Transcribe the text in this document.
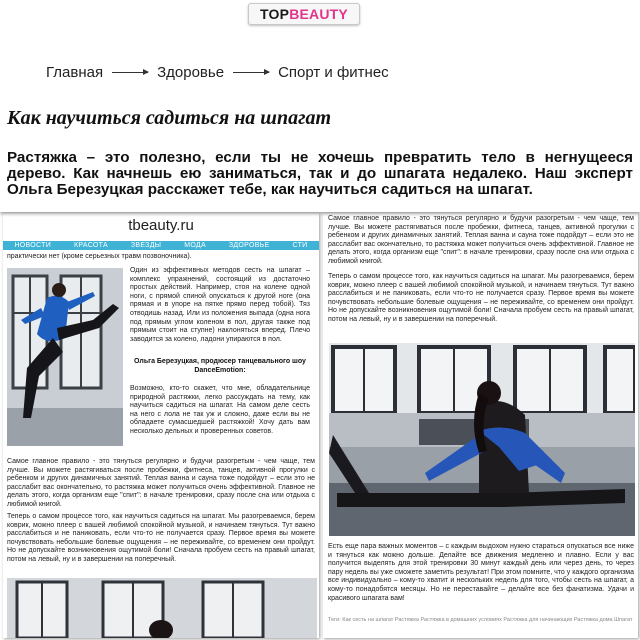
TOP BEAUTY
Главная	Здоровье	Спорт и фитнес
Как научиться садиться на шпагат
Растяжка – это полезно, если ты не хочешь превратить тело в негнущееся дерево. Как начнешь ею заниматься, так и до шпагата недалеко. Наш эксперт Ольга Березуцкая расскажет тебе, как научиться садиться на шпагат.
tbeauty.ru
НОВОСТИ	КРАСОТА	ЗВЕЗДЫ	МОДА	ЗДОРОВЬЕ	СТИ
практически нет (кроме серьезных травм позвоночника).
Один из эффективных методов сесть на шпагат – комплекс упражнений, состоящий из достаточно простых действий. Например, стоя на колене одной ноги, с прямой спиной опускаться к другой ноге (она прямая и в упоре на пятке прямо перед тобой). Тяз отводишь назад. Или из положения выпада (одна нога под прямым углом коленом в пол, другая также под прямым стоит на ступне) наклоняться вперед. Плечо заводится за колено, ладони упираются в пол.
Ольга Березуцкая, продюсер танцевального шоу DanceEmotion:
Возможно, кто-то скажет, что мне, обладательнице природной растяжки, легко рассуждать на тему, как научиться садиться на шпагат. На самом деле сесть на него с лола не так уж и сложно, даже если вы не обладаете сумасшедшей растяжкой! Хочу дать вам несколько дельных и проверенных советов.
Самое главное правило - это тянуться регулярно и будучи разогретым - чем чаще, тем лучше. Вы можете растягиваться после пробежки, фитнеса, танцев, активной прогулки с ребенком и других динамичных занятий. Теплая ванна и сауна тоже подойдут – если это не расслабит вас окончательно, то растяжка может получиться очень эффективной. Главное не делать этого, когда организм еще "спит": в начале тренировки, сразу после сна или отдыха с любимой книгой.
Теперь о самом процессе того, как научиться садиться на шпагат. Мы разогреваемся, берем коврик, можно плеер с вашей любимой спокойной музыкой, и начинаем тянуться. Тут важно расслабиться и не паниковать, если что-то не получается сразу. Первое время вы можете почувствовать небольшие болевые ощущения – не переживайте, со временем они пройдут. Но не допускайте возникновения ощутимой боли! Сначала пробуем сесть на правый шпагат, потом на левый, ну и в завершении на поперечный.
Самое главное правило - это тянуться регулярно и будучи разогретым - чем чаще, тем лучше. Вы можете растягиваться после пробежки, фитнеса, танцев, активной прогулки с ребенком и других динамичных занятий. Теплая ванна и сауна тоже подойдут – если это не расслабит вас окончательно, то растяжка может получиться очень эффективной. Главное не делать этого, когда организм еще "спит": в начале тренировки, сразу после сна или отдыха с любимой книгой.
Теперь о самом процессе того, как научиться садиться на шпагат. Мы разогреваемся, берем коврик, можно плеер с вашей любимой спокойной музыкой, и начинаем тянуться. Тут важно расслабиться и не паниковать, если что-то не получается сразу. Первое время вы можете почувствовать небольшие болевые ощущения – не переживайте, со временем они пройдут. Но не допускайте возникновения ощутимой боли! Сначала пробуем сесть на правый шпагат, потом на левый, ну и в завершении на поперечный.
Есть еще пара важных моментов – с каждым выдохом нужно стараться опускаться все ниже и тянуться как можно дольше. Делайте все движения медленно и плавно. Если у вас получится выделять для этой тренировки 30 минут каждый день или через день, то через пару недель вы уже сможете заметить результат! При этом помните, что у каждого организма все индивидуально – кому-то хватит и нескольких недель для того, чтобы сесть на шпагат, а кому-то понадобятся месяцы. Но не переставайте – делайте все без фанатизма. Удачи и красивого шпагата вам!
Теги: Как сесть на шпагат Растяжка Растяжка в домашних условиях Растяжка для начинающих Растяжка дома Шпагат
